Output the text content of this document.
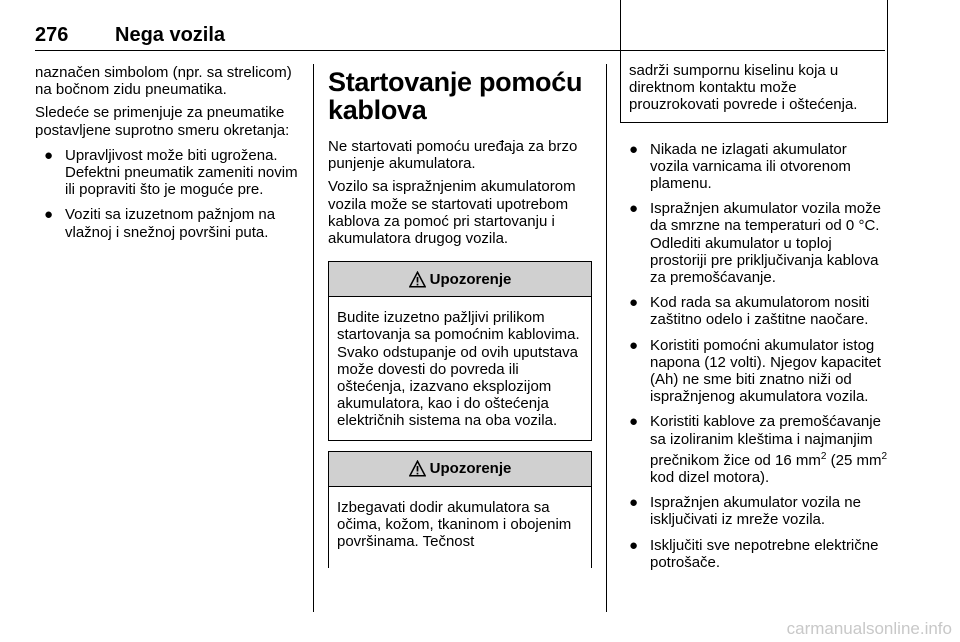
276 Nega vozila

naznačen simbolom (npr. sa strelicom) na bočnom zidu pneumatika.

Sledeće se primenjuje za pneumatike postavljene suprotno smeru okretanja:

● Upravljivost može biti ugrožena. Defektni pneumatik zameniti novim ili popraviti što je moguće pre.
● Voziti sa izuzetnom pažnjom na vlažnoj i snežnoj površini puta.
Startovanje pomoću kablova

Ne startovati pomoću uređaja za brzo punjenje akumulatora.

Vozilo sa ispražnjenim akumulatorom vozila može se startovati upotrebom kablova za pomoć pri startovanju i akumulatora drugog vozila.

Upozorenje
Budite izuzetno pažljivi prilikom startovanja sa pomoćnim kablovima. Svako odstupanje od ovih uputstava može dovesti do povreda ili oštećenja, izazvano eksplozijom akumulatora, kao i do oštećenja električnih sistema na oba vozila.
Upozorenje
Izbegavati dodir akumulatora sa očima, kožom, tkaninom i obojenim površinama. Tečnost
sadrži sumpornu kiselinu koja u direktnom kontaktu može prouzrokovati povrede i oštećenja.
● Nikada ne izlagati akumulator vozila varnicama ili otvorenom plamenu.
● Ispražnjen akumulator vozila može da smrzne na temperaturi od 0 °C. Odlediti akumulator u toploj prostoriji pre priključivanja kablova za premošćavanje.
● Kod rada sa akumulatorom nositi zaštitno odelo i zaštitne naočare.
● Koristiti pomoćni akumulator istog napona (12 volti). Njegov kapacitet (Ah) ne sme biti znatno niži od ispražnjenog akumulatora vozila.
● Koristiti kablove za premošćavanje sa izoliranim kleštima i najmanjim prečnikom žice od 16 $mm^2$ (25 $mm^2$ kod dizel motora).
● Ispražnjen akumulator vozila ne isključivati iz mreže vozila.
● Isključiti sve nepotrebne električne potrošače.
carmanualsonline.info
